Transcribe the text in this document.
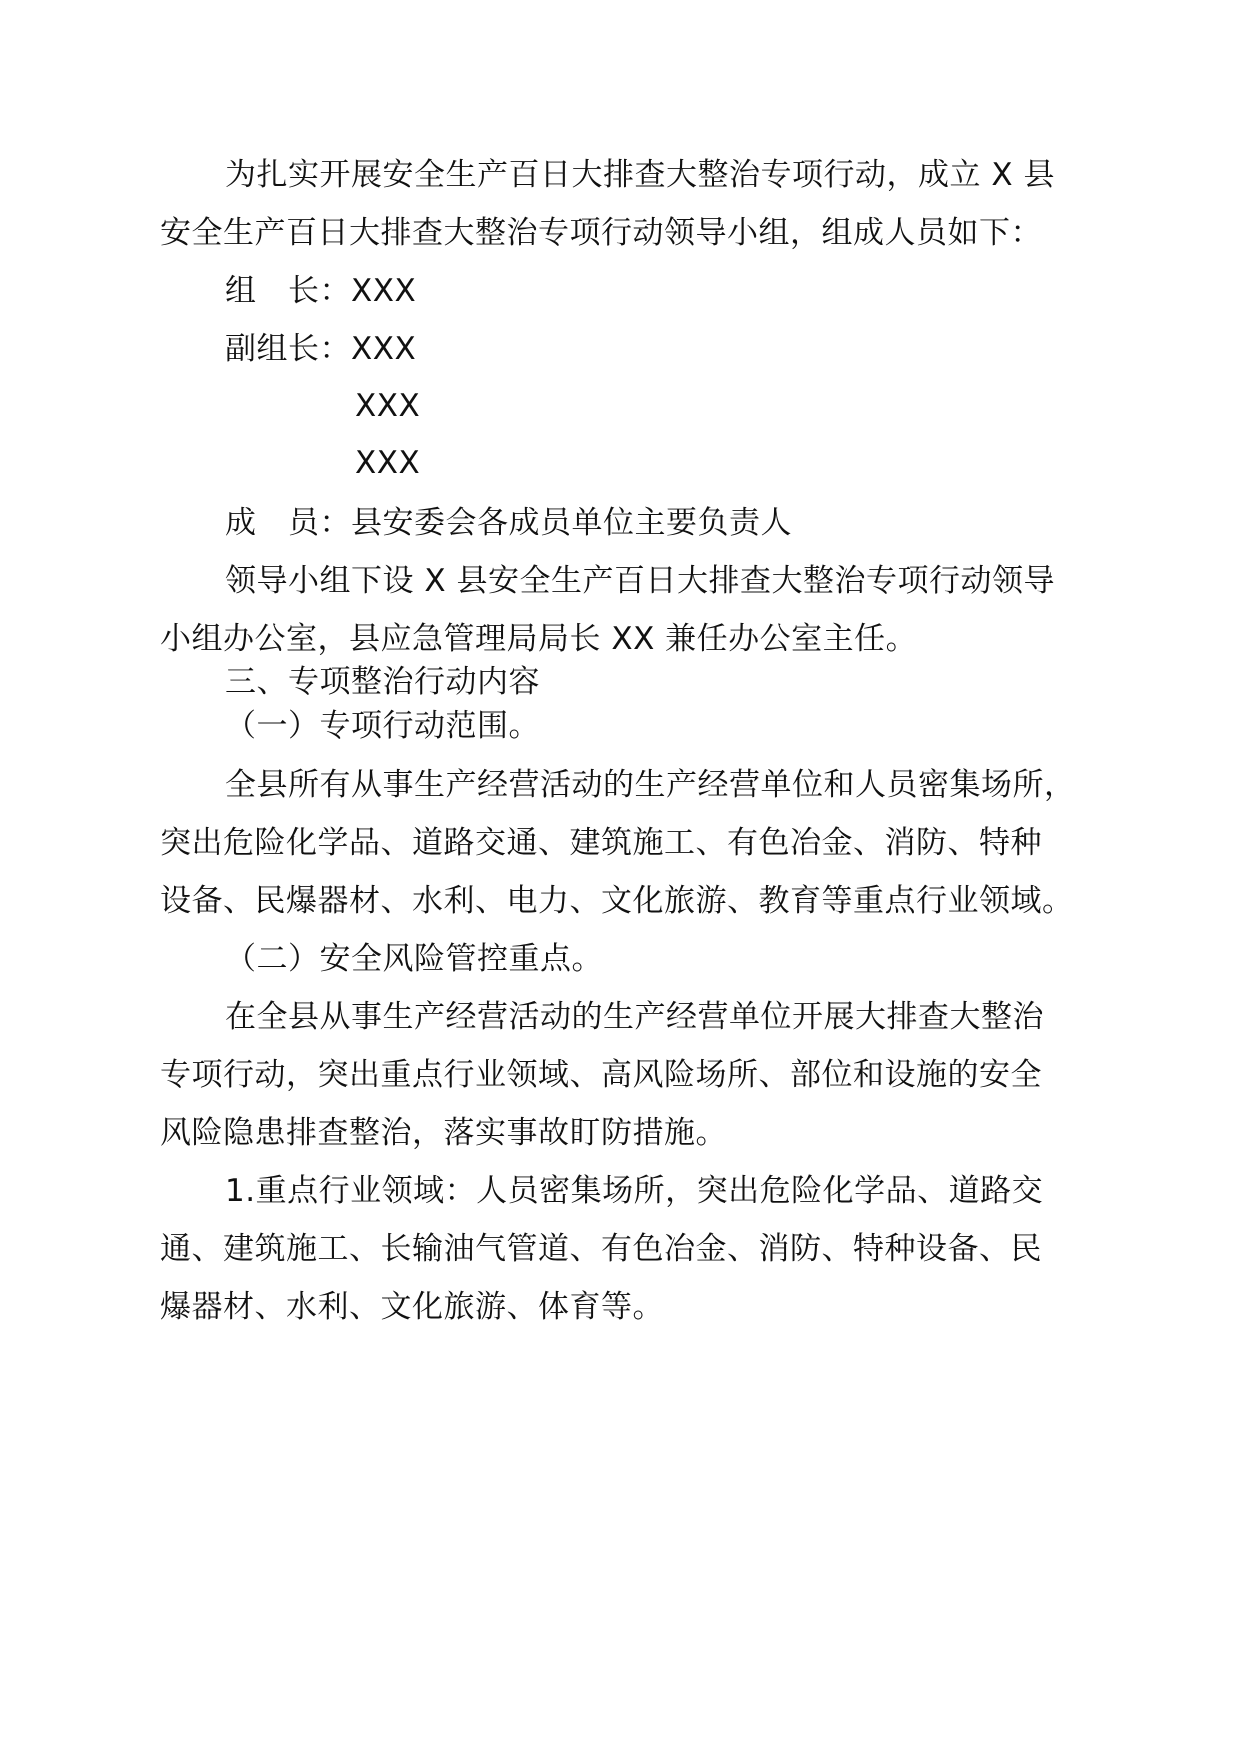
为扎实开展安全生产百日大排查大整治专项行动，成立 X 县
安全生产百日大排查大整治专项行动领导小组，组成人员如下：
组　长：XXX
副组长：XXX
XXX
XXX
成　员：县安委会各成员单位主要负责人
领导小组下设 X 县安全生产百日大排查大整治专项行动领导
小组办公室，县应急管理局局长 XX 兼任办公室主任。
三、专项整治行动内容
（一）专项行动范围。
全县所有从事生产经营活动的生产经营单位和人员密集场所，
突出危险化学品、道路交通、建筑施工、有色冶金、消防、特种
设备、民爆器材、水利、电力、文化旅游、教育等重点行业领域。
（二）安全风险管控重点。
在全县从事生产经营活动的生产经营单位开展大排查大整治
专项行动，突出重点行业领域、高风险场所、部位和设施的安全
风险隐患排查整治，落实事故盯防措施。
1.重点行业领域：人员密集场所，突出危险化学品、道路交
通、建筑施工、长输油气管道、有色冶金、消防、特种设备、民
爆器材、水利、文化旅游、体育等。
